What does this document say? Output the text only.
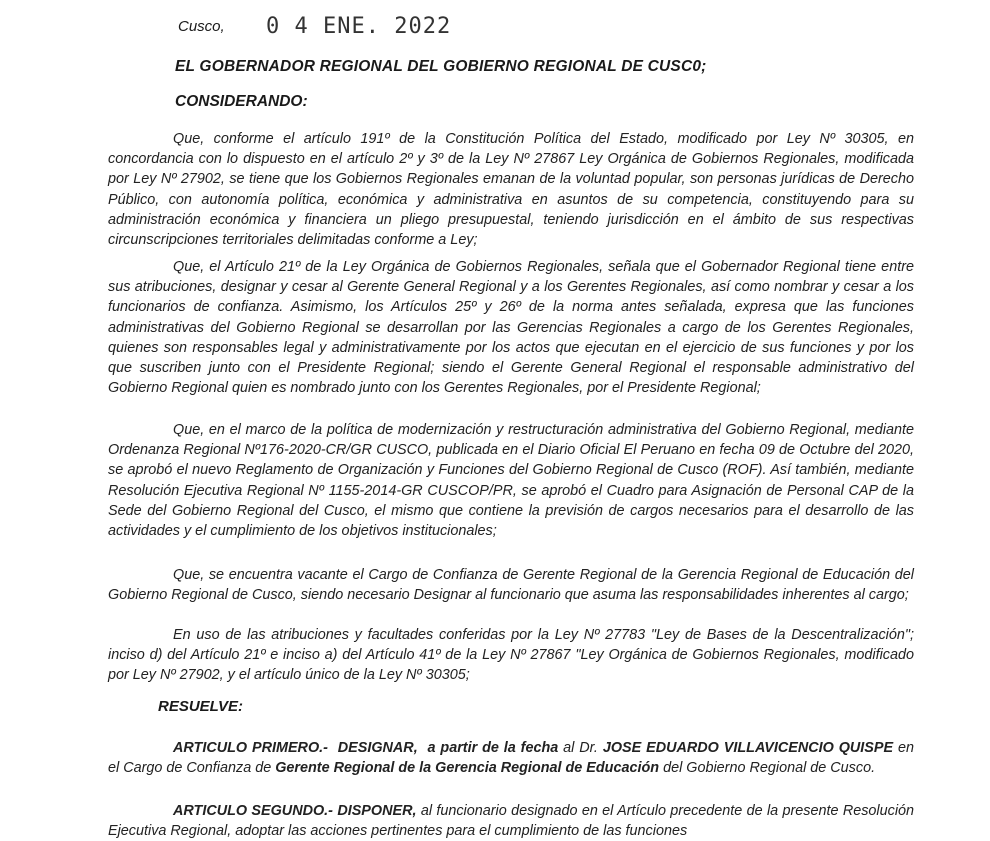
Cusco, 0 4 ENE. 2022
EL GOBERNADOR REGIONAL DEL GOBIERNO REGIONAL DE CUSC0;
CONSIDERANDO:

Que, conforme el artículo 191º de la Constitución Política del Estado, modificado por Ley Nº 30305, en concordancia con lo dispuesto en el artículo 2º y 3º de la Ley Nº 27867 Ley Orgánica de Gobiernos Regionales, modificada por Ley Nº 27902, se tiene que los Gobiernos Regionales emanan de la voluntad popular, son personas jurídicas de Derecho Público, con autonomía política, económica y administrativa en asuntos de su competencia, constituyendo para su administración económica y financiera un pliego presupuestal, teniendo jurisdicción en el ámbito de sus respectivas circunscripciones territoriales delimitadas conforme a Ley;

Que, el Artículo 21º de la Ley Orgánica de Gobiernos Regionales, señala que el Gobernador Regional tiene entre sus atribuciones, designar y cesar al Gerente General Regional y a los Gerentes Regionales, así como nombrar y cesar a los funcionarios de confianza. Asimismo, los Artículos 25º y 26º de la norma antes señalada, expresa que las funciones administrativas del Gobierno Regional se desarrollan por las Gerencias Regionales a cargo de los Gerentes Regionales, quienes son responsables legal y administrativamente por los actos que ejecutan en el ejercicio de sus funciones y por los que suscriben junto con el Presidente Regional; siendo el Gerente General Regional el responsable administrativo del Gobierno Regional quien es nombrado junto con los Gerentes Regionales, por el Presidente Regional;

Que, en el marco de la política de modernización y restructuración administrativa del Gobierno Regional, mediante Ordenanza Regional Nº176-2020-CR/GR CUSCO, publicada en el Diario Oficial El Peruano en fecha 09 de Octubre del 2020, se aprobó el nuevo Reglamento de Organización y Funciones del Gobierno Regional de Cusco (ROF). Así también, mediante Resolución Ejecutiva Regional Nº 1155-2014-GR CUSCOP/PR, se aprobó el Cuadro para Asignación de Personal CAP de la Sede del Gobierno Regional del Cusco, el mismo que contiene la previsión de cargos necesarios para el desarrollo de las actividades y el cumplimiento de los objetivos institucionales;

Que, se encuentra vacante el Cargo de Confianza de Gerente Regional de la Gerencia Regional de Educación del Gobierno Regional de Cusco, siendo necesario Designar al funcionario que asuma las responsabilidades inherentes al cargo;

En uso de las atribuciones y facultades conferidas por la Ley Nº 27783 "Ley de Bases de la Descentralización"; inciso d) del Artículo 21º e inciso a) del Artículo 41º de la Ley Nº 27867 "Ley Orgánica de Gobiernos Regionales, modificado por Ley Nº 27902, y el artículo único de la Ley Nº 30305;

RESUELVE:

ARTICULO PRIMERO.- DESIGNAR, a partir de la fecha al Dr. JOSE EDUARDO VILLAVICENCIO QUISPE en el Cargo de Confianza de Gerente Regional de la Gerencia Regional de Educación del Gobierno Regional de Cusco.

ARTICULO SEGUNDO.- DISPONER, al funcionario designado en el Artículo precedente de la presente Resolución Ejecutiva Regional, adoptar las acciones pertinentes para el cumplimiento de las funciones
